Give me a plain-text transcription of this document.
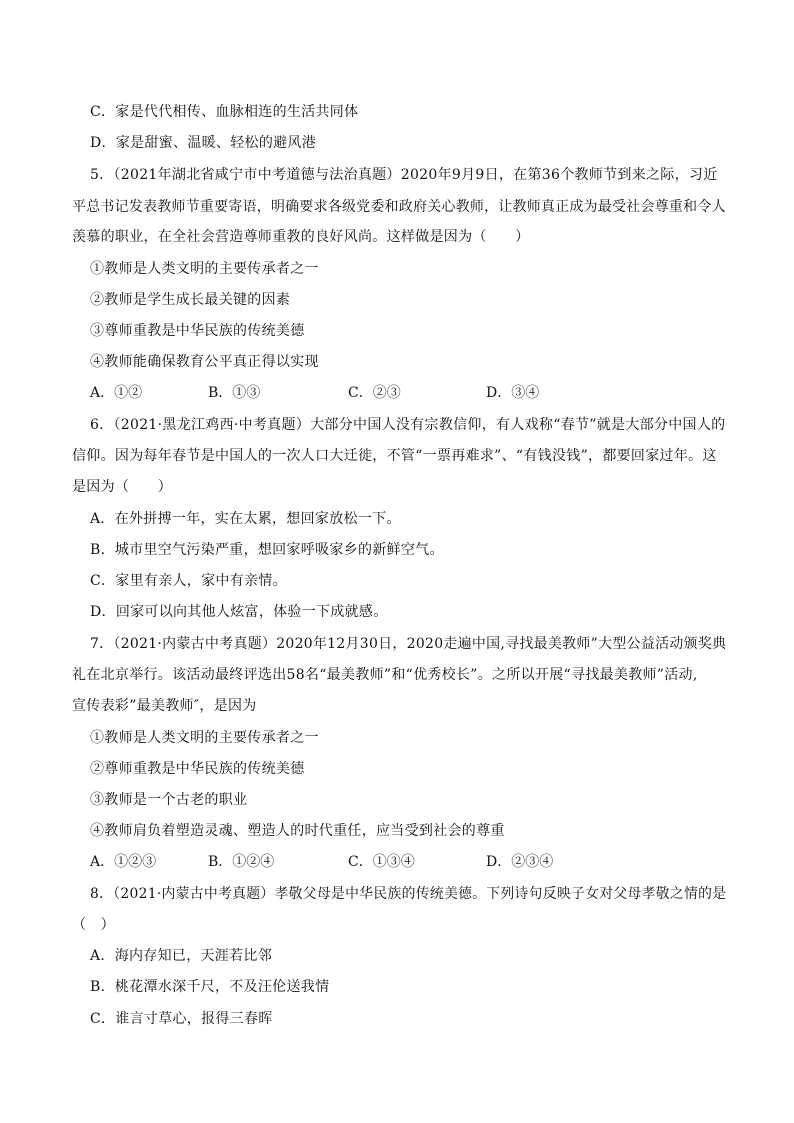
C．家是代代相传、血脉相连的生活共同体
D．家是甜蜜、温暖、轻松的避风港
5．（2021年湖北省咸宁市中考道德与法治真题）2020年9月9日，在第36个教师节到来之际，习近
平总书记发表教师节重要寄语，明确要求各级党委和政府关心教师，让教师真正成为最受社会尊重和令人
羡慕的职业，在全社会营造尊师重教的良好风尚。这样做是因为（　　）
①教师是人类文明的主要传承者之一
②教师是学生成长最关键的因素
③尊师重教是中华民族的传统美德
④教师能确保教育公平真正得以实现
A．①②	B．①③	C．②③	D．③④
6．（2021·黑龙江鸡西·中考真题）大部分中国人没有宗教信仰，有人戏称“春节”就是大部分中国人的
信仰。因为每年春节是中国人的一次人口大迁徙，不管“一票再难求”、“有钱没钱”，都要回家过年。这
是因为（　　）
A．在外拼搏一年，实在太累，想回家放松一下。
B．城市里空气污染严重，想回家呼吸家乡的新鲜空气。
C．家里有亲人，家中有亲情。
D．回家可以向其他人炫富，体验一下成就感。
7．（2021·内蒙古中考真题）2020年12月30日，2020走遍中国,寻找最美教师”大型公益活动颁奖典
礼在北京举行。该活动最终评选出58名“最美教师”和“优秀校长”。之所以开展“寻找最美教师”活动,
宣传表彩”最美教师″，是因为
①教师是人类文明的主要传承者之一
②尊师重教是中华民族的传统美德
③教师是一个古老的职业
④教师肩负着塑造灵魂、塑造人的时代重任，应当受到社会的尊重
A．①②③	B．①②④	C．①③④	D．②③④
8．（2021·内蒙古中考真题）孝敬父母是中华民族的传统美德。下列诗句反映子女对父母孝敬之情的是
（　）
A．海内存知已，天涯若比邻
B．桃花潭水深千尺，不及汪伦送我情
C．谁言寸草心，报得三春晖
